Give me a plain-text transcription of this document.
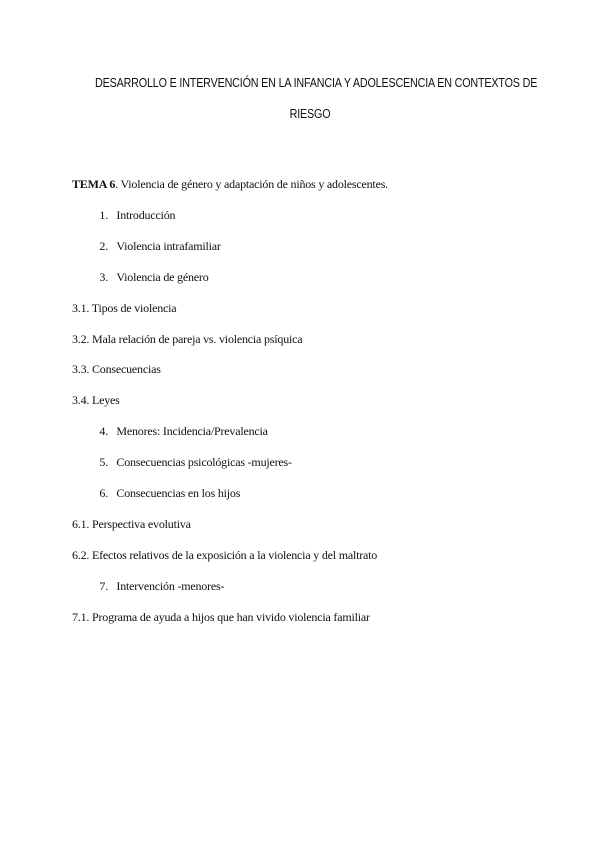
DESARROLLO E INTERVENCIÓN EN LA INFANCIA Y ADOLESCENCIA EN CONTEXTOS DE
RIESGO
TEMA 6. Violencia de género y adaptación de niños y adolescentes.
1. Introducción
2. Violencia intrafamiliar
3. Violencia de género
3.1. Tipos de violencia
3.2. Mala relación de pareja vs. violencia psíquica
3.3. Consecuencias
3.4. Leyes
4. Menores: Incidencia/Prevalencia
5. Consecuencias psicológicas -mujeres-
6. Consecuencias en los hijos
6.1. Perspectiva evolutiva
6.2. Efectos relativos de la exposición a la violencia y del maltrato
7. Intervención -menores-
7.1. Programa de ayuda a hijos que han vivido violencia familiar
